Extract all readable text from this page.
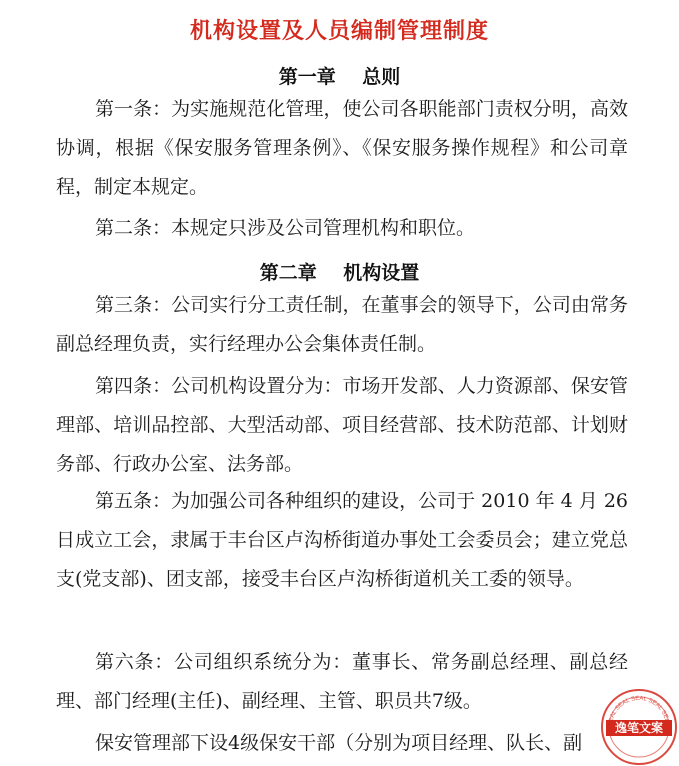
机构设置及人员编制管理制度
第一章    总则
第一条：为实施规范化管理，使公司各职能部门责权分明，高效协调，根据《保安服务管理条例》、《保安服务操作规程》和公司章程，制定本规定。
第二条：本规定只涉及公司管理机构和职位。
第二章    机构设置
第三条：公司实行分工责任制，在董事会的领导下，公司由常务副总经理负责，实行经理办公会集体责任制。
第四条：公司机构设置分为：市场开发部、人力资源部、保安管理部、培训品控部、大型活动部、项目经营部、技术防范部、计划财务部、行政办公室、法务部。
第五条：为加强公司各种组织的建设，公司于 2010 年 4 月 26日成立工会，隶属于丰台区卢沟桥街道办事处工会委员会；建立党总支(党支部)、团支部，接受丰台区卢沟桥街道机关工委的领导。
第六条：公司组织系统分为：董事长、常务副总经理、副总经理、部门经理(主任)、副经理、主管、职员共7级。
保安管理部下设4级保安干部（分别为项目经理、队长、副
AL SEAL SEAL SEAL SE
逸笔文案
